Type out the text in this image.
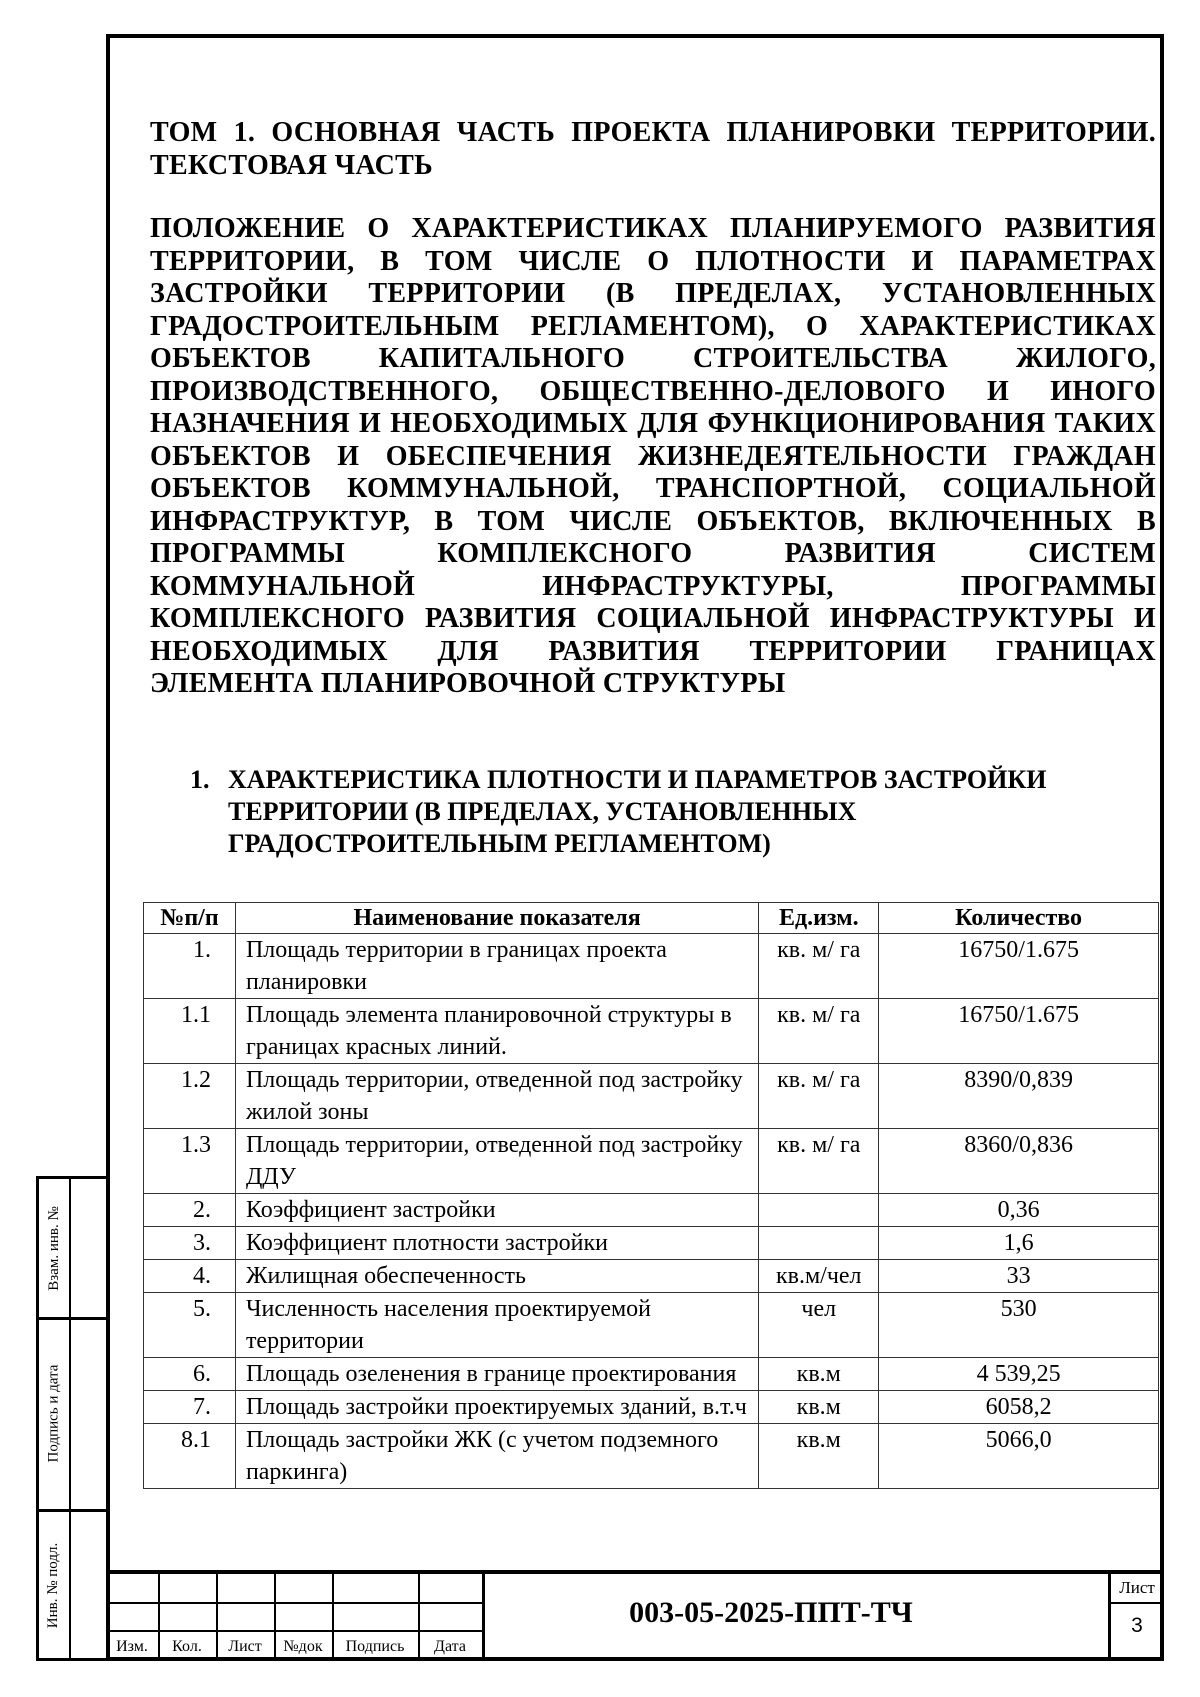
Взам. инв. №
Подпись и дата
Инв. № подл.

ТОМ 1. ОСНОВНАЯ ЧАСТЬ ПРОЕКТА ПЛАНИРОВКИ ТЕРРИТОРИИ. ТЕКСТОВАЯ ЧАСТЬ

ПОЛОЖЕНИЕ О ХАРАКТЕРИСТИКАХ ПЛАНИРУЕМОГО РАЗВИТИЯ ТЕРРИТОРИИ, В ТОМ ЧИСЛЕ О ПЛОТНОСТИ И ПАРАМЕТРАХ ЗАСТРОЙКИ ТЕРРИТОРИИ (В ПРЕДЕЛАХ, УСТАНОВЛЕННЫХ ГРАДОСТРОИТЕЛЬНЫМ РЕГЛАМЕНТОМ), О ХАРАКТЕРИСТИКАХ ОБЪЕКТОВ КАПИТАЛЬНОГО СТРОИТЕЛЬСТВА ЖИЛОГО, ПРОИЗВОДСТВЕННОГО, ОБЩЕСТВЕННО-ДЕЛОВОГО И ИНОГО НАЗНАЧЕНИЯ И НЕОБХОДИМЫХ ДЛЯ ФУНКЦИОНИРОВАНИЯ ТАКИХ ОБЪЕКТОВ И ОБЕСПЕЧЕНИЯ ЖИЗНЕДЕЯТЕЛЬНОСТИ ГРАЖДАН ОБЪЕКТОВ КОММУНАЛЬНОЙ, ТРАНСПОРТНОЙ, СОЦИАЛЬНОЙ ИНФРАСТРУКТУР, В ТОМ ЧИСЛЕ ОБЪЕКТОВ, ВКЛЮЧЕННЫХ В ПРОГРАММЫ КОМПЛЕКСНОГО РАЗВИТИЯ СИСТЕМ КОММУНАЛЬНОЙ ИНФРАСТРУКТУРЫ, ПРОГРАММЫ КОМПЛЕКСНОГО РАЗВИТИЯ СОЦИАЛЬНОЙ ИНФРАСТРУКТУРЫ И НЕОБХОДИМЫХ ДЛЯ РАЗВИТИЯ ТЕРРИТОРИИ ГРАНИЦАХ ЭЛЕМЕНТА ПЛАНИРОВОЧНОЙ СТРУКТУРЫ

1. ХАРАКТЕРИСТИКА ПЛОТНОСТИ И ПАРАМЕТРОВ ЗАСТРОЙКИ ТЕРРИТОРИИ (В ПРЕДЕЛАХ, УСТАНОВЛЕННЫХ ГРАДОСТРОИТЕЛЬНЫМ РЕГЛАМЕНТОМ)
№п/п	Наименование показателя	Ед.изм.	Количество
1.	Площадь территории в границах проекта планировки	кв. м/ га	16750/1.675
1.1	Площадь элемента планировочной структуры в границах красных линий.	кв. м/ га	16750/1.675
1.2	Площадь территории, отведенной под застройку жилой зоны	кв. м/ га	8390/0,839
1.3	Площадь территории, отведенной под застройку ДДУ	кв. м/ га	8360/0,836
2.	Коэффициент застройки		0,36
3.	Коэффициент плотности застройки		1,6
4.	Жилищная обеспеченность	кв.м/чел	33
5.	Численность населения проектируемой территории	чел	530
6.	Площадь озеленения в границе проектирования	кв.м	4 539,25
7.	Площадь застройки проектируемых зданий, в.т.ч	кв.м	6058,2
8.1	Площадь застройки ЖК (с учетом подземного паркинга)	кв.м	5066,0
Изм.	Кол.	Лист	№док	Подпись	Дата
003-05-2025-ППТ-ТЧ
Лист
3
